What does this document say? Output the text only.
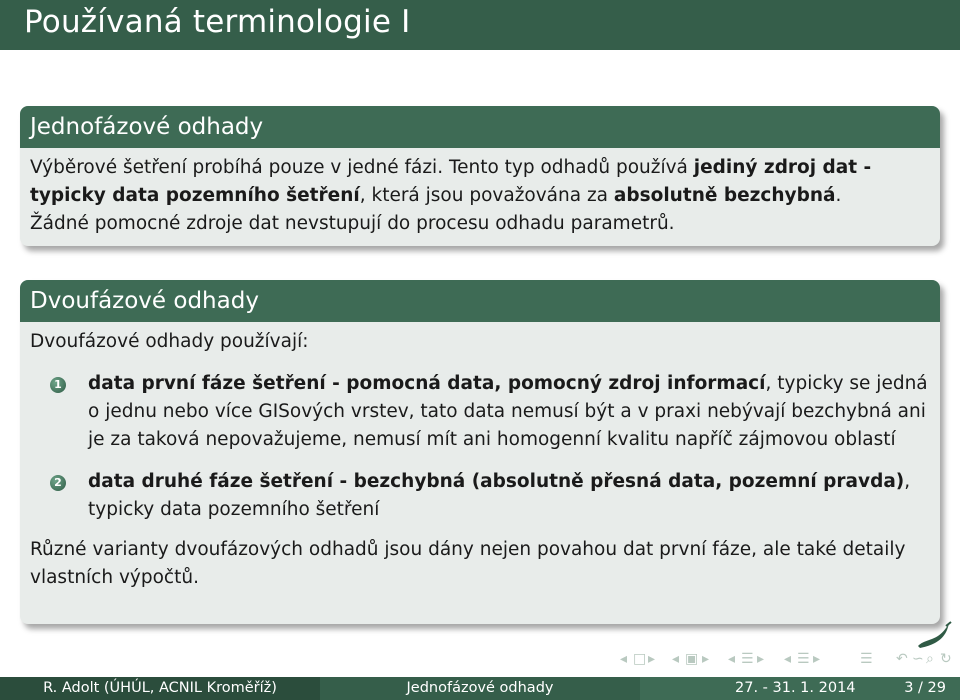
Používaná terminologie I
Jednofázové odhady
Výběrové šetření probíhá pouze v jedné fázi. Tento typ odhadů používá jediný zdroj dat - typicky data pozemního šetření, která jsou považována za absolutně bezchybná.
Žádné pomocné zdroje dat nevstupují do procesu odhadu parametrů.
Dvoufázové odhady
Dvoufázové odhady používají:
1 data první fáze šetření - pomocná data, pomocný zdroj informací, typicky se jedná o jednu nebo více GISových vrstev, tato data nemusí být a v praxi nebývají bezchybná ani je za taková nepovažujeme, nemusí mít ani homogenní kvalitu napříč zájmovou oblastí
2 data druhé fáze šetření - bezchybná (absolutně přesná data, pozemní pravda), typicky data pozemního šetření
Různé varianty dvoufázových odhadů jsou dány nejen povahou dat první fáze, ale také detaily vlastních výpočtů.
◂ □ ▸ ◂ ▣ ▸ ◂ ☰ ▸ ◂ ☰ ▸	☰ ↶ ∽ ⌕ ↻
R. Adolt (ÚHÚL, ACNIL Kroměříž)	Jednofázové odhady	27. - 31. 1. 2014	3 / 29
